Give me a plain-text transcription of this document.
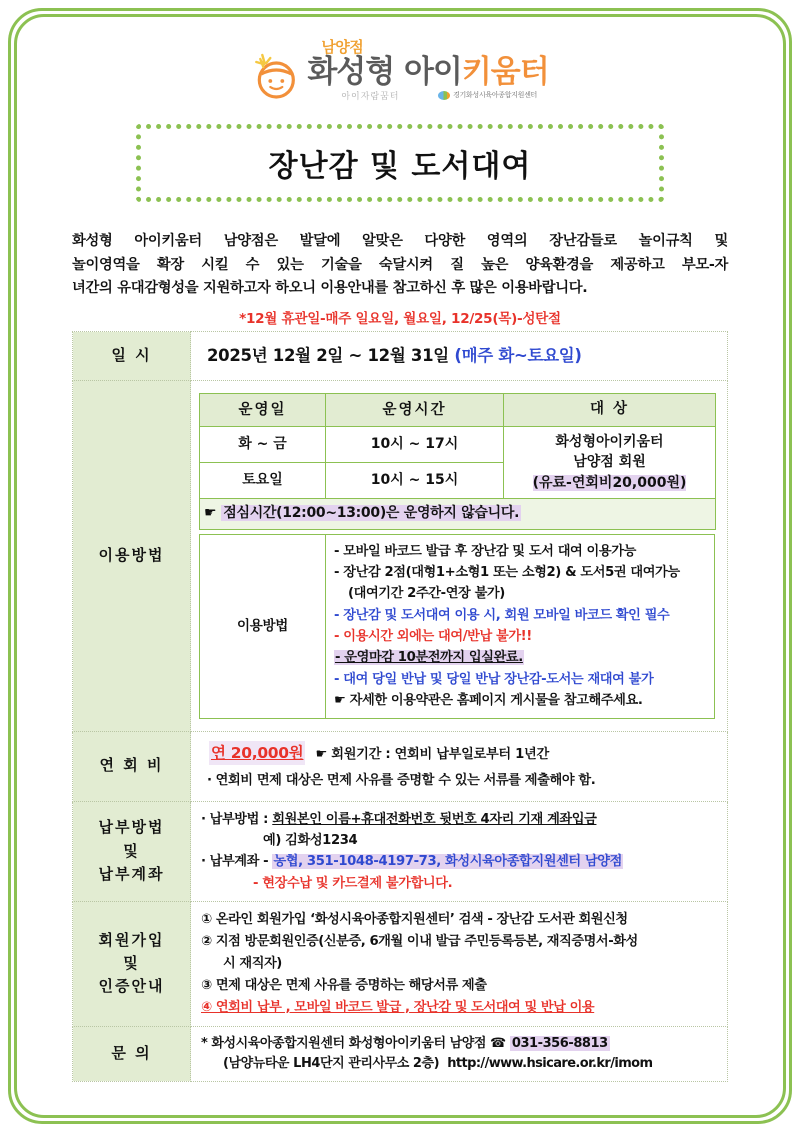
남양점
화성형 아이키움터
아이자람꿈터	경기화성시육아종합지원센터
장난감 및 도서대여
화성형 아이키움터 남양점은 발달에 알맞은 다양한 영역의 장난감들로 놀이규칙 및
놀이영역을 확장 시킬 수 있는 기술을 숙달시켜 질 높은 양육환경을 제공하고 부모-자
녀간의 유대감형성을 지원하고자 하오니 이용안내를 참고하신 후 많은 이용바랍니다.
*12월 휴관일-매주 일요일, 월요일, 12/25(목)-성탄절
일 시	2025년 12월 2일 ~ 12월 31일 (매주 화~토요일)

이용방법	
운영일	운영시간	대 상
화 ~ 금	10시 ~ 17시	화성형아이키움터
남양점 회원
(유료-연회비20,000원)

토요일	10시 ~ 15시
☛ 점심시간(12:00~13:00)은 운영하지 않습니다.
이용방법	
- 모바일 바코드 발급 후 장난감 및 도서 대여 이용가능
- 장난감 2점(대형1+소형1 또는 소형2) & 도서5권 대여가능
(대여기간 2주간-연장 불가)
- 장난감 및 도서대여 이용 시, 회원 모바일 바코드 확인 필수
- 이용시간 외에는 대여/반납 불가!!
- 운영마감 10분전까지 입실완료.
- 대여 당일 반납 및 당일 반납 장난감-도서는 재대여 불가
☛ 자세한 이용약관은 홈페이지 게시물을 참고해주세요.

연 회 비	
연 20,000원 ☛ 회원기간 : 연회비 납부일로부터 1년간
· 연회비 면제 대상은 면제 사유를 증명할 수 있는 서류를 제출해야 함.

납부방법
및
납부계좌

· 납부방법 : 회원본인 이름+휴대전화번호 뒷번호 4자리 기재 계좌입금
예) 김화성1234
· 납부계좌 - 농협, 351-1048-4197-73, 화성시육아종합지원센터 남양점
- 현장수납 및 카드결제 불가합니다.

회원가입
및
인증안내

① 온라인 회원가입 ‘화성시육아종합지원센터’ 검색 - 장난감 도서관 회원신청
② 지점 방문회원인증(신분증, 6개월 이내 발급 주민등록등본, 재직증명서-화성
시 재직자)
③ 면제 대상은 면제 사유를 증명하는 해당서류 제출
④ 연회비 납부 , 모바일 바코드 발급 , 장난감 및 도서대여 및 반납 이용

문 의	
* 화성시육아종합지원센터 화성형아이키움터 남양점 ☎ 031-356-8813
(남양뉴타운 LH4단지 관리사무소 2층) http://www.hsicare.or.kr/imom
